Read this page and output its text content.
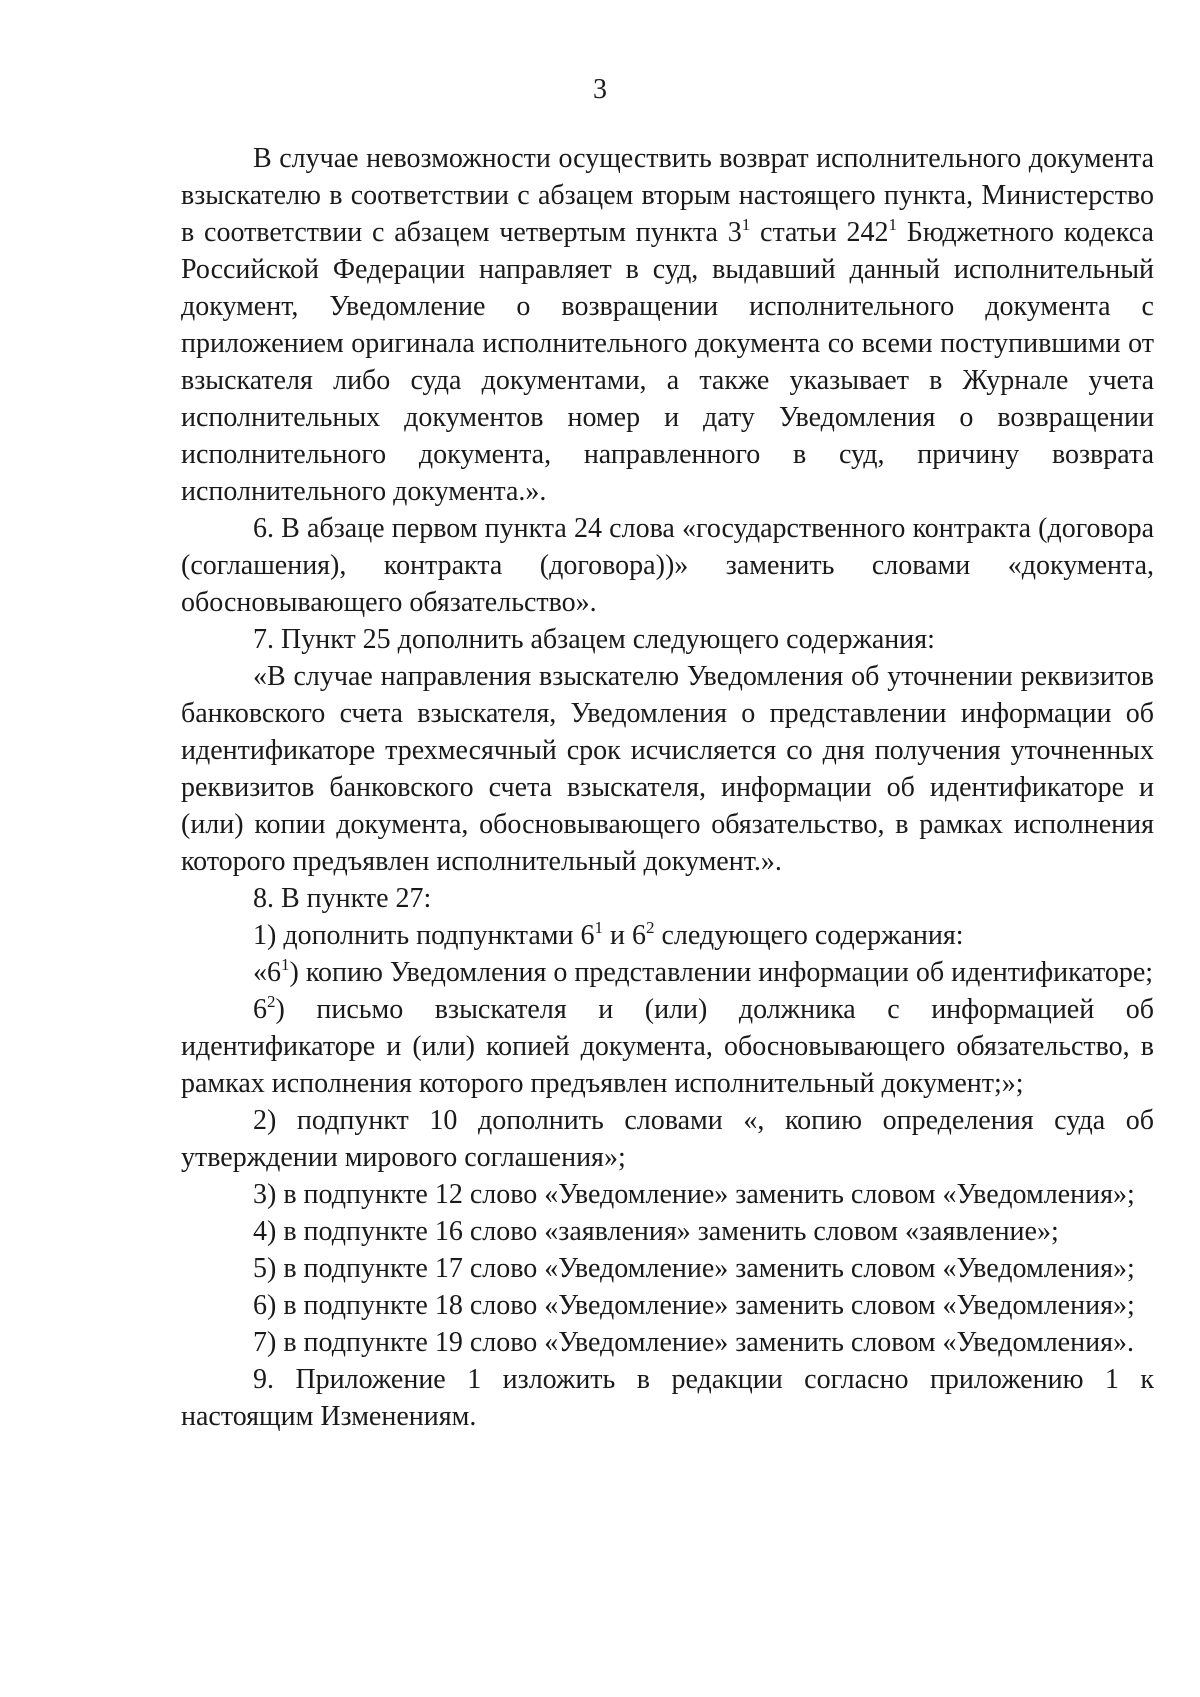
3

В случае невозможности осуществить возврат исполнительного документа взыскателю в соответствии с абзацем вторым настоящего пункта, Министерство в соответствии с абзацем четвертым пункта $3^1$ статьи $242^1$ Бюджетного кодекса Российской Федерации направляет в суд, выдавший данный исполнительный документ, Уведомление о возвращении исполнительного документа с приложением оригинала исполнительного документа со всеми поступившими от взыскателя либо суда документами, а также указывает в Журнале учета исполнительных документов номер и дату Уведомления о возвращении исполнительного документа, направленного в суд, причину возврата исполнительного документа.».

6. В абзаце первом пункта 24 слова «государственного контракта (договора (соглашения), контракта (договора))» заменить словами «документа, обосновывающего обязательство».

7. Пункт 25 дополнить абзацем следующего содержания:

«В случае направления взыскателю Уведомления об уточнении реквизитов банковского счета взыскателя, Уведомления о представлении информации об идентификаторе трехмесячный срок исчисляется со дня получения уточненных реквизитов банковского счета взыскателя, информации об идентификаторе и (или) копии документа, обосновывающего обязательство, в рамках исполнения которого предъявлен исполнительный документ.».

8. В пункте 27:

1) дополнить подпунктами $6^1$ и $6^2$ следующего содержания:

«$6^1$) копию Уведомления о представлении информации об идентификаторе;

$6^2$) письмо взыскателя и (или) должника с информацией об идентификаторе и (или) копией документа, обосновывающего обязательство, в рамках исполнения которого предъявлен исполнительный документ;»;

2) подпункт 10 дополнить словами «, копию определения суда об утверждении мирового соглашения»;

3) в подпункте 12 слово «Уведомление» заменить словом «Уведомления»;

4) в подпункте 16 слово «заявления» заменить словом «заявление»;

5) в подпункте 17 слово «Уведомление» заменить словом «Уведомления»;

6) в подпункте 18 слово «Уведомление» заменить словом «Уведомления»;

7) в подпункте 19 слово «Уведомление» заменить словом «Уведомления».

9. Приложение 1 изложить в редакции согласно приложению 1 к настоящим Изменениям.
